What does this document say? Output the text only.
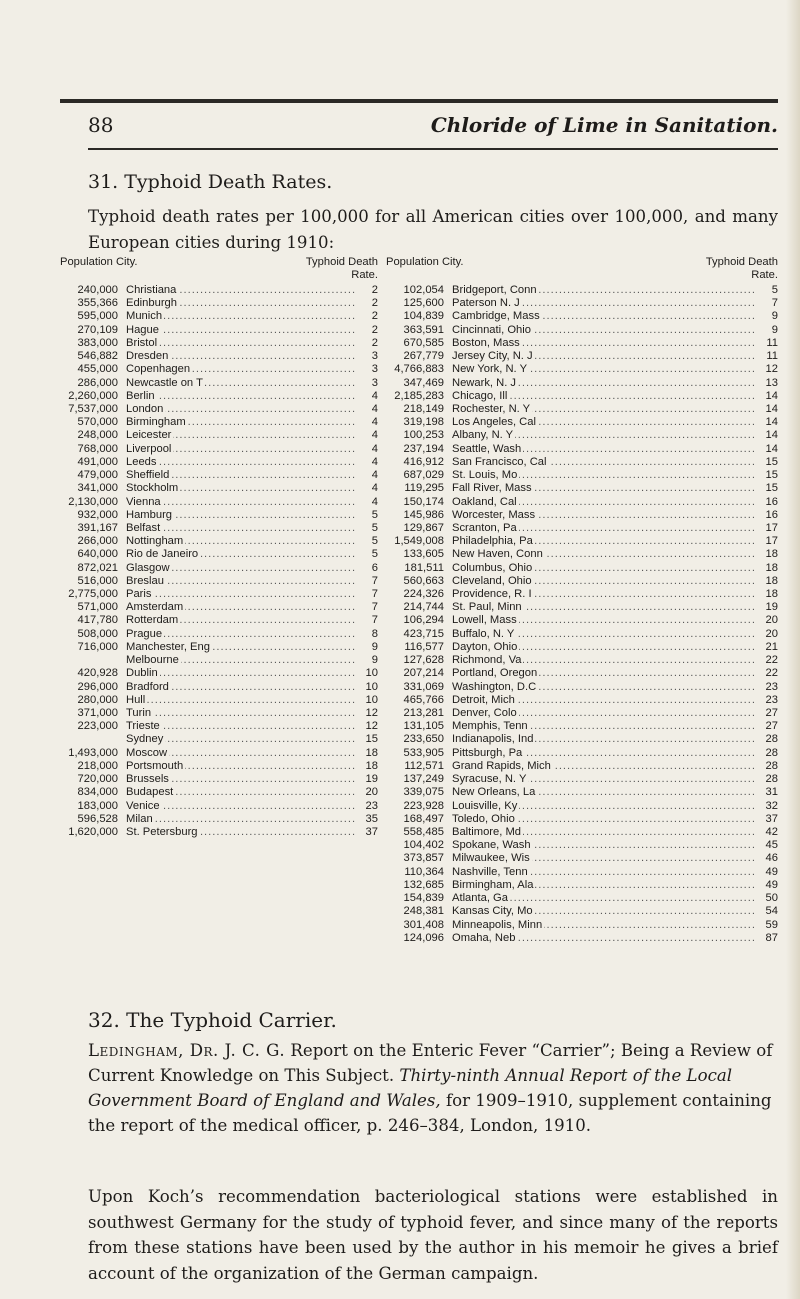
88	Chloride of Lime in Sanitation.
31. Typhoid Death Rates.
Typhoid death rates per 100,000 for all American cities over 100,000, and many European cities during 1910:
Population City.	Typhoid Death
Rate.
240,000 Christiana .....	2
355,366 Edinburgh .....	2
595,000 Munich .....	2
270,109 Hague .....	2
383,000 Bristol .....	2
546,882 Dresden .....	3
455,000 Copenhagen .....	3
286,000 Newcastle on T .....	3
2,260,000 Berlin .....	4
7,537,000 London .....	4
570,000 Birmingham .....	4
248,000 Leicester .....	4
768,000 Liverpool .....	4
491,000 Leeds .....	4
479,000 Sheffield .....	4
341,000 Stockholm .....	4
2,130,000 Vienna .....	4
932,000 Hamburg .....	5
391,167 Belfast .....	5
266,000 Nottingham .....	5
640,000 Rio de Janeiro .....	5
872,021 Glasgow .....	6
516,000 Breslau .....	7
2,775,000 Paris .....	7
571,000 Amsterdam .....	7
417,780 Rotterdam .....	7
508,000 Prague .....	8
716,000 Manchester, Eng .....	9
Melbourne .....	9
420,928 Dublin .....	10
296,000 Bradford .....	10
280,000 Hull .....	10
371,000 Turin .....	12
223,000 Trieste .....	12
Sydney .....	15
1,493,000 Moscow .....	18
218,000 Portsmouth .....	18
720,000 Brussels .....	19
834,000 Budapest .....	20
183,000 Venice .....	23
596,528 Milan .....	35
1,620,000 St. Petersburg .....	37
Population City.	Typhoid Death
Rate.
102,054 Bridgeport, Conn .....	5
125,600 Paterson N. J .....	7
104,839 Cambridge, Mass .....	9
363,591 Cincinnati, Ohio .....	9
670,585 Boston, Mass .....	11
267,779 Jersey City, N. J .....	11
4,766,883 New York, N. Y .....	12
347,469 Newark, N. J .....	13
2,185,283 Chicago, Ill .....	14
218,149 Rochester, N. Y .....	14
319,198 Los Angeles, Cal .....	14
100,253 Albany, N. Y .....	14
237,194 Seattle, Wash .....	14
416,912 San Francisco, Cal .....	15
687,029 St. Louis, Mo .....	15
119,295 Fall River, Mass .....	15
150,174 Oakland, Cal .....	16
145,986 Worcester, Mass .....	16
129,867 Scranton, Pa .....	17
1,549,008 Philadelphia, Pa .....	17
133,605 New Haven, Conn .....	18
181,511 Columbus, Ohio .....	18
560,663 Cleveland, Ohio .....	18
224,326 Providence, R. I .....	18
214,744 St. Paul, Minn .....	19
106,294 Lowell, Mass .....	20
423,715 Buffalo, N. Y .....	20
116,577 Dayton, Ohio .....	21
127,628 Richmond, Va .....	22
207,214 Portland, Oregon .....	22
331,069 Washington, D.C .....	23
465,766 Detroit, Mich .....	23
213,281 Denver, Colo .....	27
131,105 Memphis, Tenn .....	27
233,650 Indianapolis, Ind .....	28
533,905 Pittsburgh, Pa .....	28
112,571 Grand Rapids, Mich .....	28
137,249 Syracuse, N. Y .....	28
339,075 New Orleans, La .....	31
223,928 Louisville, Ky .....	32
168,497 Toledo, Ohio .....	37
558,485 Baltimore, Md .....	42
104,402 Spokane, Wash .....	45
373,857 Milwaukee, Wis .....	46
110,364 Nashville, Tenn .....	49
132,685 Birmingham, Ala .....	49
154,839 Atlanta, Ga .....	50
248,381 Kansas City, Mo .....	54
301,408 Minneapolis, Minn .....	59
124,096 Omaha, Neb .....	87
32. The Typhoid Carrier.
Ledingham, Dr. J. C. G. Report on the Enteric Fever “Carrier”; Being a Review of Current Knowledge on This Subject. Thirty-ninth Annual Report of the Local Government Board of England and Wales, for 1909–1910, supplement containing the report of the medical officer, p. 246–384, London, 1910.
Upon Koch’s recommendation bacteriological stations were established in southwest Germany for the study of typhoid fever, and since many of the reports from these stations have been used by the author in his memoir he gives a brief account of the organization of the German campaign.
